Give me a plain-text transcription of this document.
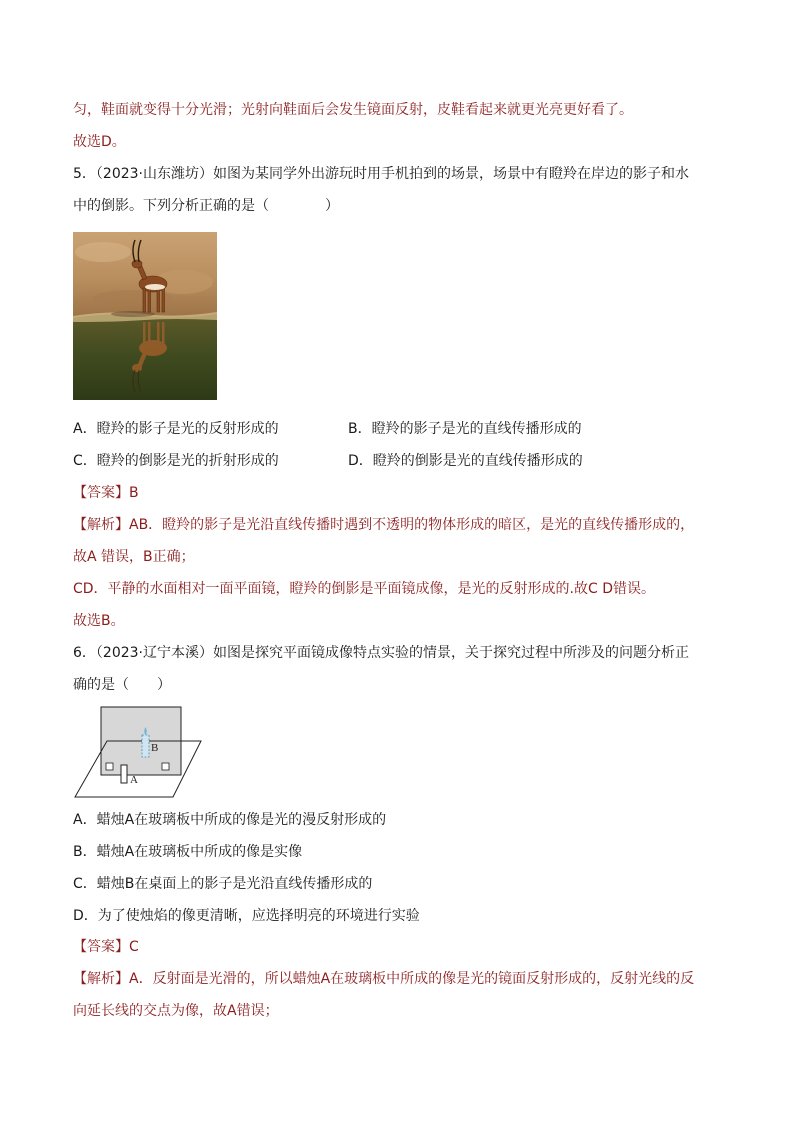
匀，鞋面就变得十分光滑；光射向鞋面后会发生镜面反射，皮鞋看起来就更光亮更好看了。
故选D。
5．（2023·山东潍坊）如图为某同学外出游玩时用手机拍到的场景，场景中有瞪羚在岸边的影子和水
中的倒影。下列分析正确的是（　　　　）
A．瞪羚的影子是光的反射形成的	B．瞪羚的影子是光的直线传播形成的
C．瞪羚的倒影是光的折射形成的	D．瞪羚的倒影是光的直线传播形成的
【答案】B
【解析】AB．瞪羚的影子是光沿直线传播时遇到不透明的物体形成的暗区，是光的直线传播形成的，
故A 错误，B正确；
CD．平静的水面相对一面平面镜，瞪羚的倒影是平面镜成像，是光的反射形成的.故C D错误。
故选B。
6．（2023·辽宁本溪）如图是探究平面镜成像特点实验的情景，关于探究过程中所涉及的问题分析正
确的是（　　）
B
A
A．蜡烛A在玻璃板中所成的像是光的漫反射形成的
B．蜡烛A在玻璃板中所成的像是实像
C．蜡烛B在桌面上的影子是光沿直线传播形成的
D．为了使烛焰的像更清晰，应选择明亮的环境进行实验
【答案】C
【解析】A．反射面是光滑的，所以蜡烛A在玻璃板中所成的像是光的镜面反射形成的，反射光线的反
向延长线的交点为像，故A错误；
